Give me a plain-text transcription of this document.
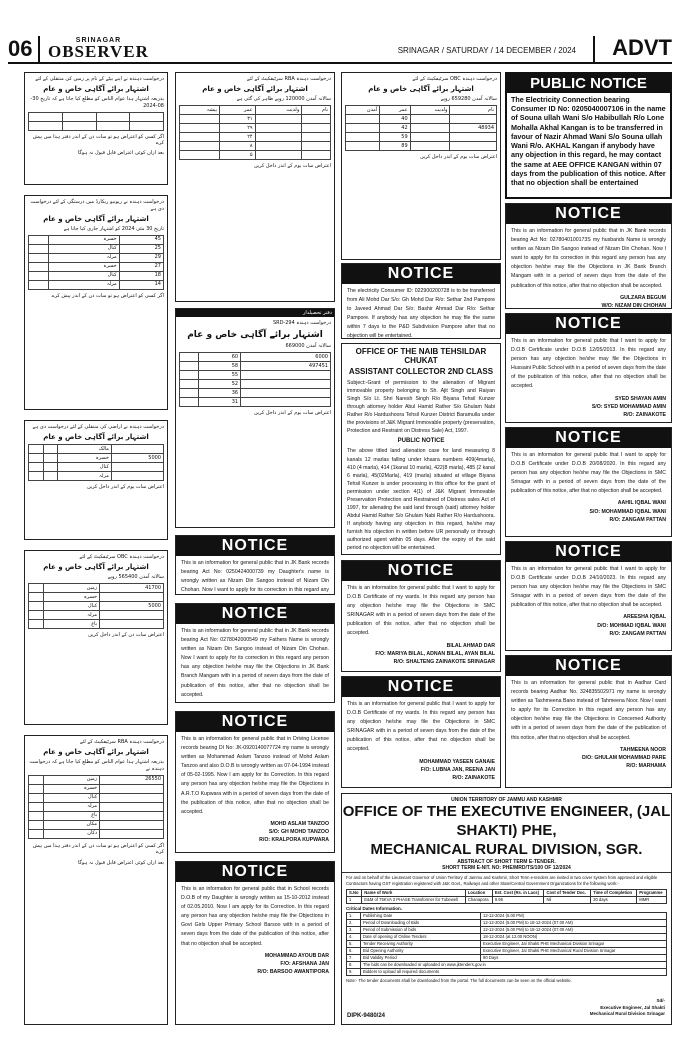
06	SRINAGAR
OBSERVER	SRINAGAR / SATURDAY / 14 DECEMBER / 2024 ADVT
درخواست دہندہ نے اپنے بیٹے کے نام پر زمین کی منتقلی کے لئے
اشتہار برائے آگاہی خاص و عام
بذریعہ اشتہار ہذا عوام الناس کو مطلع کیا جاتا ہے کہ تاریخ 30-08-2024

اگر کسی کو اعتراض ہو تو سات دن کے اندر دفتر ہذا میں پیش کرے
بعد ازاں کوئی اعتراض قابل قبول نہ ہوگا
درخواست دہندہ نے ریونیو ریکارڈ میں درستگی کے لئے درخواست دی ہے
اشتہار برائے آگاہی خاص و عام
تاریخ 30 مئی 2024 کو اشتہار جاری کیا جاتا ہے
45	خسرہ	
25	کنال	
29	مرلہ	
27	خسرہ	
18	کنال	
14	مرلہ	
اگر کسی کو اعتراض ہو تو سات دن کے اندر پیش کرے
درخواست دہندہ نے اراضی کی منتقلی کے لئے درخواست دی ہے
اشتہار برائے آگاہی خاص و عام
	مالک		
5000	خسرہ		
	کنال		
	مرلہ		
اعتراض سات یوم کے اندر داخل کریں
درخواست دہندہ OBC سرٹیفکیٹ کے لئے
اشتہار برائے آگاہی خاص و عام
سالانہ آمدن 565400 روپے
41700	زمین	
	خسرہ	
5000	کنال	
	مرلہ	
	باغ	
اعتراض سات دن کے اندر داخل کریں
درخواست دہندہ RBA سرٹیفکیٹ کے لئے
اشتہار برائے آگاہی خاص و عام
بذریعہ اشتہار ہذا عوام الناس کو مطلع کیا جاتا ہے کہ درخواست دہندہ نے
26550	زمین	
	خسرہ	
	کنال	
	مرلہ	
	باغ	
	مکان	
	دکان	
اگر کسی کو اعتراض ہو تو سات دن کے اندر دفتر ہذا میں پیش کرے
بعد ازاں کوئی اعتراض قابل قبول نہ ہوگا
درخواست دہندہ RBA سرٹیفکیٹ کے لئے
اشتہار برائے آگاہی خاص و عام
سالانہ آمدن 120000 روپے ظاہر کی گئی ہے
نام	ولدیت	عمر	پیشہ
		۳۱	
		۲۹	
		۲۴	
		۸	
		۵	
اعتراض سات یوم کے اندر داخل کریں
دفتر تحصیلدار
درخواست دہندہ SRD-294
اشتہار برائے آگاہی خاص و عام
سالانہ آمدن 669000
6000	60	
497451	58	
	55	
	52	
	36	
	31	
اعتراض سات یوم کے اندر داخل کریں
NOTICE
This is an information for general public that in JK Bank records bearing Act No: 0250424000739 my Daughter's name is wrongly written as Nizam Din Sangoo instead of Nizam Din Chohan. Now I want to apply for its correction in this regard any
NOTICE
This is an information for general public that in JK Bank records bearing Act No: 0278042000549 my Fathers Name is wrongly written as Nizam Din Sangoo instead of Nizam Din Chohan. Now I want to apply for its correction in this regard any person has any objection he/she may file the Objections in JK Bank Branch Mangam with in a period of seven days from the date of publication of this notice, after that no objection shall be accepted.
NOTICE
This is an information for general public that in Driving License records bearing DI No: JK-0920140077724 my name is wrongly written as Mohammad Aslam Tanzoo instead of Mohd Aslam Tanzoo and also D.O.B is wrongly written as 07-04-1994 instead of 05-02-1995. Now I am apply for its Correction. In this regard any person has any objection he/she may file the Objections in A.R.T.O Kupwara with in a period of seven days from the date of the publication of this notice, after that no objection shall be accepted.
MOHD ASLAM TANZOO
S/O: GH MOHD TANZOO
R/O: KRALPORA KUPWARA
NOTICE
This is an information for general public that in School records D.O.B of my Daughter is wrongly written as 15-10-2012 instead of 02.05.2010. Now I am apply for its Correction. In this regard any person has any objection he/she may file the Objections in Govt Girls Upper Primary School Barsoo with in a period of seven days from the date of the publication of this notice, after that no objection shall be accepted.
MOHAMMAD AYOUB DAR
F/O: AFSHANA JAN
R/O: BARSOO AWANTIPORA
درخواست دہندہ OBC سرٹیفکیٹ کے لئے
اشتہار برائے آگاہی خاص و عام
سالانہ آمدن 659280 روپے
نام	ولدیت	عمر	آمدن
		40	
48934		42	
		59	
		89	
اعتراض سات یوم کے اندر داخل کریں
NOTICE
The electricity Consumer ID: 022900200728 is to be transferred from Ali Mohd Dar S/o: Gh Mohd Dar R/o: Sethar 2nd Pampore to Javeed Ahmad Dar S/o: Bashir Ahmad Dar R/o: Sethar Pampore. If anybody has any objection he may file the same within 7 days to the P&D Subdivision Pampore after that no objection will be entertained.
OFFICE OF THE NAIB TEHSILDAR CHUKAT
ASSISTANT COLLECTOR 2ND CLASS
Subject:-Grant of permission to the alienation of Migrant immovable property belonging to Sh. Ajit Singh and Raiyan Singh S/o Lt. Shri Naresh Singh R/o Biyana Tehsil Kunzer through attorney holder Abul Hamid Rather S/o Ghulam Nabi Rather R/o Hardushoora Tehsil Kunzer District Baramulla under the provisions of J&K Migrant Immovable property (preservation, Protection and Restraint on Distress Sale) Act, 1997.
PUBLIC NOTICE
The above titled land alienation case for land measuring 8 kanals 12 marlas falling under khasra numbers 409(4marla), 410 (4 marla), 414 (1kanal 10 marla), 422(8 marla), 485 (2 kanal 6 marla), 45(02Marla), 419 (marla) situated at village Biyana Tehsil Kunzer is under processing in this office for the grant of permission under section 4(1) of J&K Migrant Immovable Preservation Protection and Restrained of Distress sales Act of 1997, for alienating the said land through (said) attorney holder Abdul Hamid Rather S/o Ghulam Nabi Rather R/o Hardushoora. If anybody having any objection in this regard, he/she may furnish his objection in written before UR personally or through authorized agent within 05 days. After the expiry of the said period no objection will be entertained.
NOTICE
This is an information for general public that I want to apply for D.O.B Certificate of my wards. In this regard any person has any objection he/she may file the Objections in SMC SRINAGAR with in a period of seven days from the date of the publication of this notice, after that no objection shall be accepted.
BILAL AHMAD DAR
F/O: MARIYA BILAL, ADNAN BILAL, AYAN BILAL
R/O: SHALTENG ZAINAKOTE SRINAGAR
NOTICE
This is an information for general public that I want to apply for D.O.B Certificate of my wards. In this regard any person has any objection he/she may file the Objections in SMC SRINAGAR with in a period of seven days from the date of the publication of this notice, after that no objection shall be accepted.
MOHAMMAD YASEEN GANAIE
F/O: LUBNA JAN, REENA JAN
R/O: ZAINAKOTE
PUBLIC NOTICE
The Electricity Connection bearing Consumer ID No: 0205040007106 in the name of Souna ullah Wani S/o Habibullah R/o Lone Mohalla Akhal Kangan is to be transferred in favour of Nazir Ahmad Wani S/o Souna ullah Wani R/o. AKHAL Kangan if anybody have any objection in this regard, he may contact the same at AEE OFFICE KANGAN within 07 days from the publication of this notice. After that no objection shall be entertained
NOTICE
This is an information for general public that in JK Bank records bearing Act No: 0278040100173S my husbands Name is wrongly written as Nizam Din Sangoo instead of Nizam Din Chohan. Now I want to apply for its correction in this regard any person has any objection he/she may file the Objections in JK Bank Branch Mangam with in a period of seven days from the date of the publication of this notice, after that no objection shall be accepted.
GULZARA BEGUM
W/O: NIZAM DIN CHOHAN
NOTICE
This is an information for general public that I want to apply for D.O.B Certificate under D.O.B 12/05/2013. In this regard any person has any objection he/she may file the Objections in Hussaini Public School with in a period of seven days from the date of the publication of this notice, after that no objection shall be accepted.
SYED SHAYAN AMIN
S/O: SYED MOHAMMAD AMIN
R/O: ZAINAKOTE
NOTICE
This is an information for general public that I want to apply for D.O.B Certificate under D.O.B 20/08/2020. In this regard any person has any objection he/she may file the Objections in SMC Srinagar with in a period of seven days from the date of the publication of this notice, after that no objection shall be accepted.
AAHIL IQBAL WANI
S/O: MOHAMMAD IQBAL WANI
R/O: ZANGAM PATTAN
NOTICE
This is an information for general public that I want to apply for D.O.B Certificate under D.O.B 24/10/2023. In this regard any person has any objection he/she may file the Objections in SMC Srinagar with in a period of seven days from the date of the publication of this notice, after that no objection shall be accepted.
AREESHA IQBAL
D/O: MOHMAD IQBAL WANI
R/O: ZANGAM PATTAN
NOTICE
This is an information for general public that in Aadhar Card records bearing Aadhar No. 324835502971 my name is wrongly written as Tashmeena Bano instead of Tahmeena Noor. Now I want to apply for its Correction in this regard any person has any objection he/she may file the Objections in Concerned Authority with in a period of seven days from the date of the publication of this notice, after that no objection shall be accepted.
TAHMEENA NOOR
D/O: GHULAM MOHAMMAD PARE
R/O: MARHAMA
UNION TERRITORY OF JAMMU AND KASHMIR
OFFICE OF THE EXECUTIVE ENGINEER, (JAL SHAKTI) PHE,
MECHANICAL RURAL DIVISION, SGR.
ABSTRACT OF SHORT TERM E-TENDER.
SHORT TERM E-NIT. NO: PHE/MRD/TS/100 OF 12/2024
For and on behalf of the Lieutenant Governor of Union Territory of Jammu and Kashmir, Short Term e-tenders are invited in two cover system from approved and eligible Contractors having GST registration registered with J&K Govt., Railways and other State/Central Government Organizations for the following work:-
S.No	Name of Work	Location	Est. Cost (Rs. in Lacs)	Cost of Tender Doc.	Time of Completion	Programme
1	E&M of 75KVA 3 PHASE Transformer for Tubewell	Chanapora	9.95	Nil	30 days	MMR
Critical Dates Information.
1.	Publishing Date	12-12-2024 (5.00 PM)
2.	Period of Downloading of Bids	12-12-2024 (5.00 PM) to 18-12-2024 (07.00 AM)
3.	Period of Submission of bids	12-12-2024 (5.00 PM) to 18-12-2024 (07.00 AM)
4.	Date of opening of Online Tenders	18-12-2024 (at 12.00 NOON)
5.	Tender Receiving Authority	Executive Engineer, Jal Shakti PHE Mechanical Division Srinagar
6.	Bid Opening Authority	Executive Engineer, Jal Shakti PHE Mechanical Rural Division Srinagar
7.	Bid Validity Period	90 Days
8.	The bids can be downloaded or uploaded on www.jktenders.gov.in	
9.	Bidders to upload all required documents	
Note:- The tender documents shall be downloaded from the portal. The full documents can be seen on the official website.
Sd/-
Executive Engineer, Jal Shakti
Mechanical Rural Division Srinagar
DIPK-9480/24
